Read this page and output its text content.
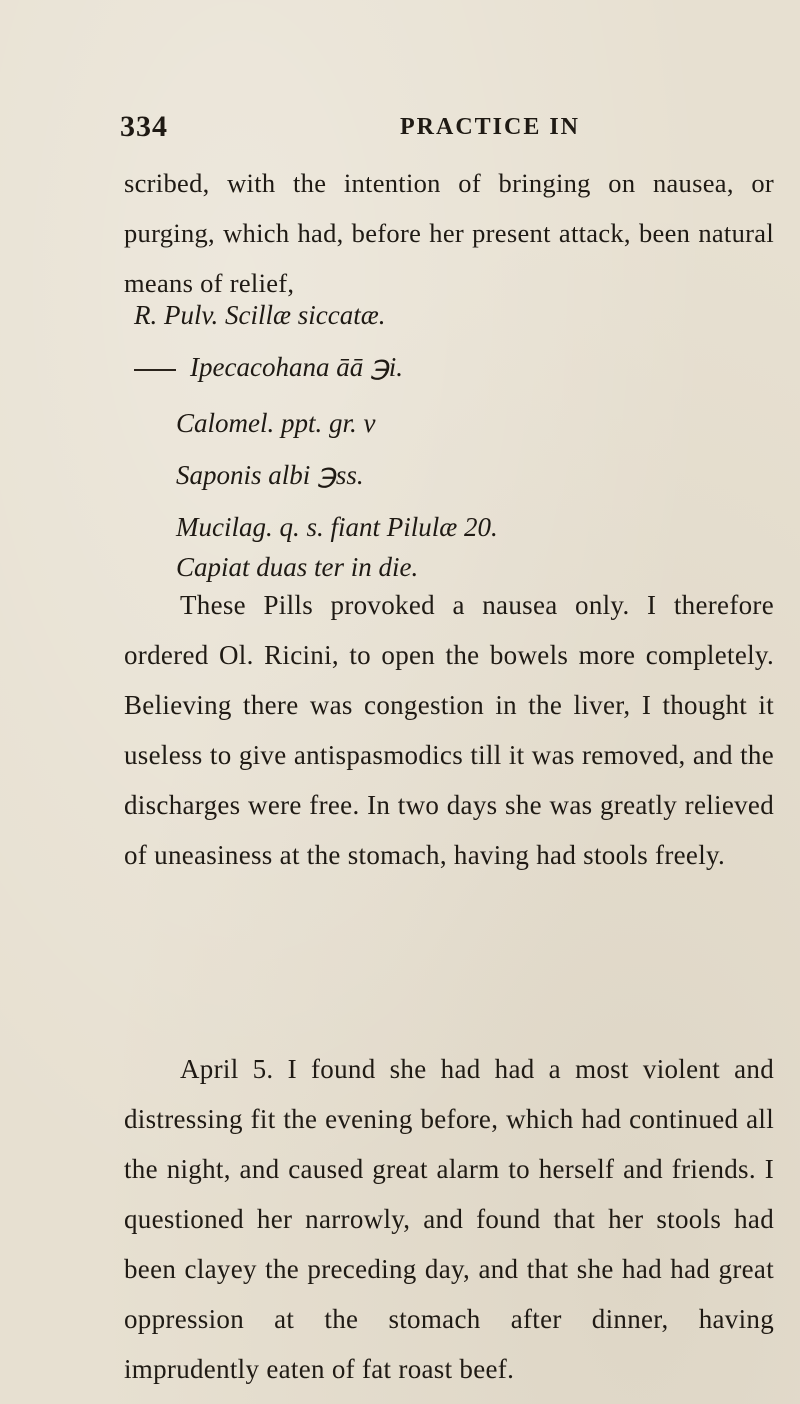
334	PRACTICE IN

scribed, with the intention of bringing on nausea, or purging, which had, before her present attack, been natural means of relief,

R. Pulv. Scillæ siccatæ.
Ipecacohana āā ℈i.
Calomel. ppt. gr. v
Saponis albi ℈ss.
Mucilag. q. s. fiant Pilulæ 20.
Capiat duas ter in die.

These Pills provoked a nausea only. I therefore ordered Ol. Ricini, to open the bowels more completely. Believing there was congestion in the liver, I thought it useless to give antispasmodics till it was removed, and the discharges were free. In two days she was greatly relieved of uneasiness at the stomach, having had stools freely.

April 5. I found she had had a most violent and distressing fit the evening before, which had continued all the night, and caused great alarm to herself and friends. I questioned her narrowly, and found that her stools had been clayey the preceding day, and that she had had great oppression at the stomach after dinner, having imprudently eaten of fat roast beef.
